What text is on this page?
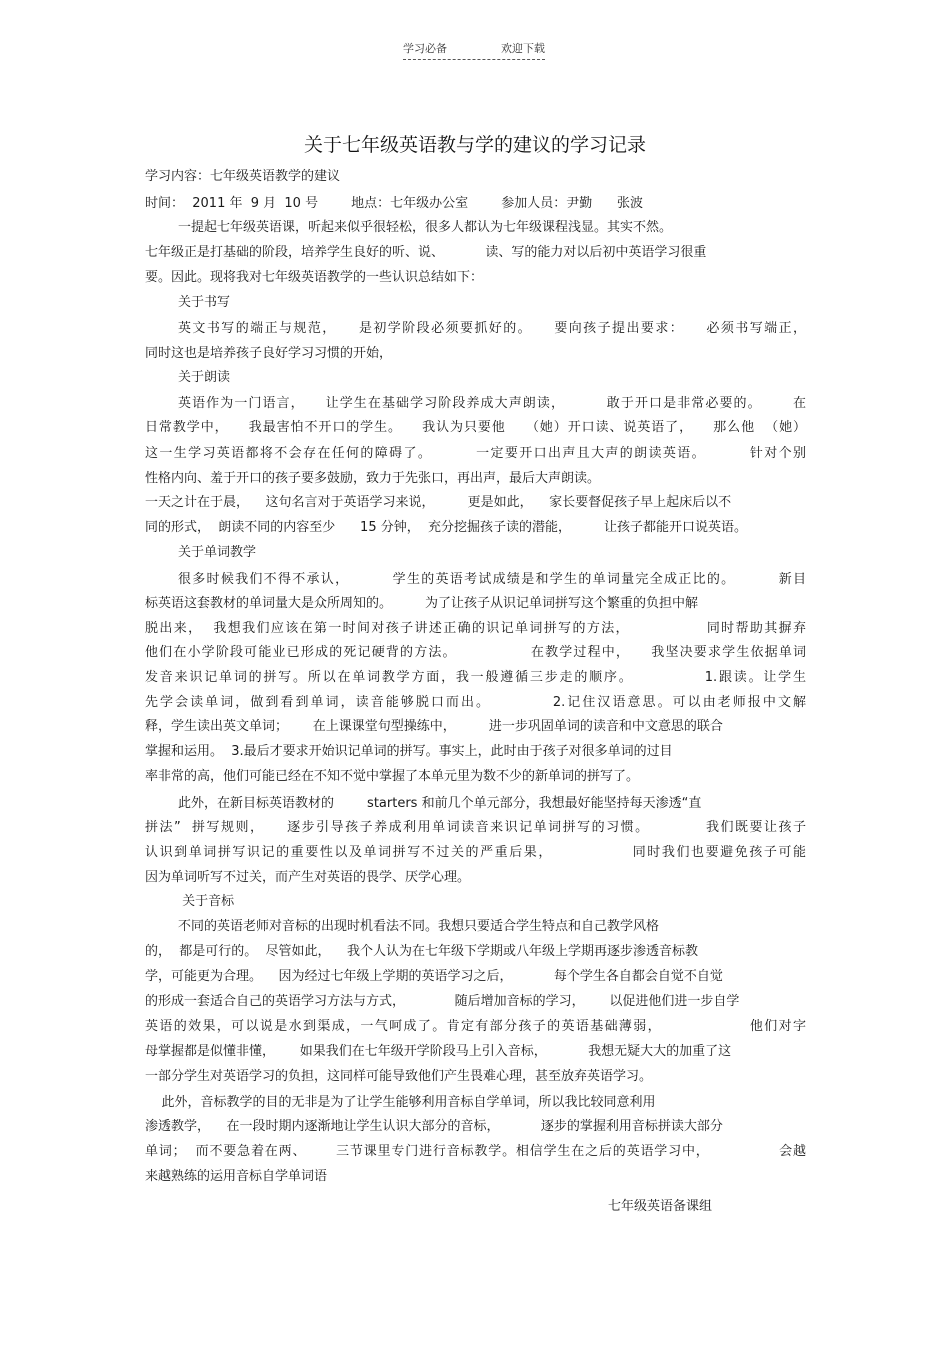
学习必备	欢迎下载
关于七年级英语教与学的建议的学习记录
学习内容：七年级英语教学的建议
时间：  2011 年  9 月  10 号        地点：七年级办公室        参加人员：尹勤      张波
一提起七年级英语课，听起来似乎很轻松，很多人都认为七年级课程浅显。其实不然。
七年级正是打基础的阶段，培养学生良好的听、说、          读、写的能力对以后初中英语学习很重
要。因此。现将我对七年级英语教学的一些认识总结如下：
关于书写
英文书写的端正与规范，    是初学阶段必须要抓好的。    要向孩子提出要求：    必须书写端正，
同时这也是培养孩子良好学习习惯的开始，
关于朗读
英语作为一门语言，    让学生在基础学习阶段养成大声朗读，        敢于开口是非常必要的。      在
日常教学中，    我最害怕不开口的学生。    我认为只要他    （她）开口读、说英语了，    那么他  （她）
这一生学习英语都将不会存在任何的障碍了。        一定要开口出声且大声的朗读英语。        针对个别
性格内向、羞于开口的孩子要多鼓励，致力于先张口，再出声，最后大声朗读。
一天之计在于晨，    这句名言对于英语学习来说，        更是如此，    家长要督促孩子早上起床后以不
同的形式，  朗读不同的内容至少      15 分钟，  充分挖掘孩子读的潜能，        让孩子都能开口说英语。
关于单词教学
很多时候我们不得不承认，        学生的英语考试成绩是和学生的单词量完全成正比的。        新目
标英语这套教材的单词量大是众所周知的。        为了让孩子从识记单词拼写这个繁重的负担中解
脱出来，  我想我们应该在第一时间对孩子讲述正确的识记单词拼写的方法，              同时帮助其摒弃
他们在小学阶段可能业已形成的死记硬背的方法。              在教学过程中，    我坚决要求学生依据单词
发音来识记单词的拼写。所以在单词教学方面，我一般遵循三步走的顺序。            1.跟读。让学生
先学会读单词，做到看到单词，读音能够脱口而出。          2.记住汉语意思。可以由老师报中文解
释，学生读出英文单词；      在上课课堂句型操练中，        进一步巩固单词的读音和中文意思的联合
掌握和运用。  3.最后才要求开始识记单词的拼写。事实上，此时由于孩子对很多单词的过目
率非常的高，他们可能已经在不知不觉中掌握了本单元里为数不少的新单词的拼写了。
此外，在新目标英语教材的        starters 和前几个单元部分，我想最好能坚持每天渗透“直
拼法”  拼写规则，    逐步引导孩子养成利用单词读音来识记单词拼写的习惯。          我们既要让孩子
认识到单词拼写识记的重要性以及单词拼写不过关的严重后果，              同时我们也要避免孩子可能
因为单词听写不过关，而产生对英语的畏学、厌学心理。
关于音标
不同的英语老师对音标的出现时机看法不同。我想只要适合学生特点和自己教学风格
的，  都是可行的。  尽管如此，    我个人认为在七年级下学期或八年级上学期再逐步渗透音标教
学，可能更为合理。    因为经过七年级上学期的英语学习之后，          每个学生各自都会自觉不自觉
的形成一套适合自己的英语学习方法与方式，            随后增加音标的学习，      以促进他们进一步自学
英语的效果，可以说是水到渠成，一气呵成了。肯定有部分孩子的英语基础薄弱，                他们对字
母掌握都是似懂非懂，      如果我们在七年级开学阶段马上引入音标，          我想无疑大大的加重了这
一部分学生对英语学习的负担，这同样可能导致他们产生畏难心理，甚至放弃英语学习。
此外，音标教学的目的无非是为了让学生能够利用音标自学单词，所以我比较同意利用
渗透教学，    在一段时期内逐渐地让学生认识大部分的音标，          逐步的掌握利用音标拼读大部分
单词；  而不要急着在两、      三节课里专门进行音标教学。相信学生在之后的英语学习中，              会越
来越熟练的运用音标自学单词语
七年级英语备课组
